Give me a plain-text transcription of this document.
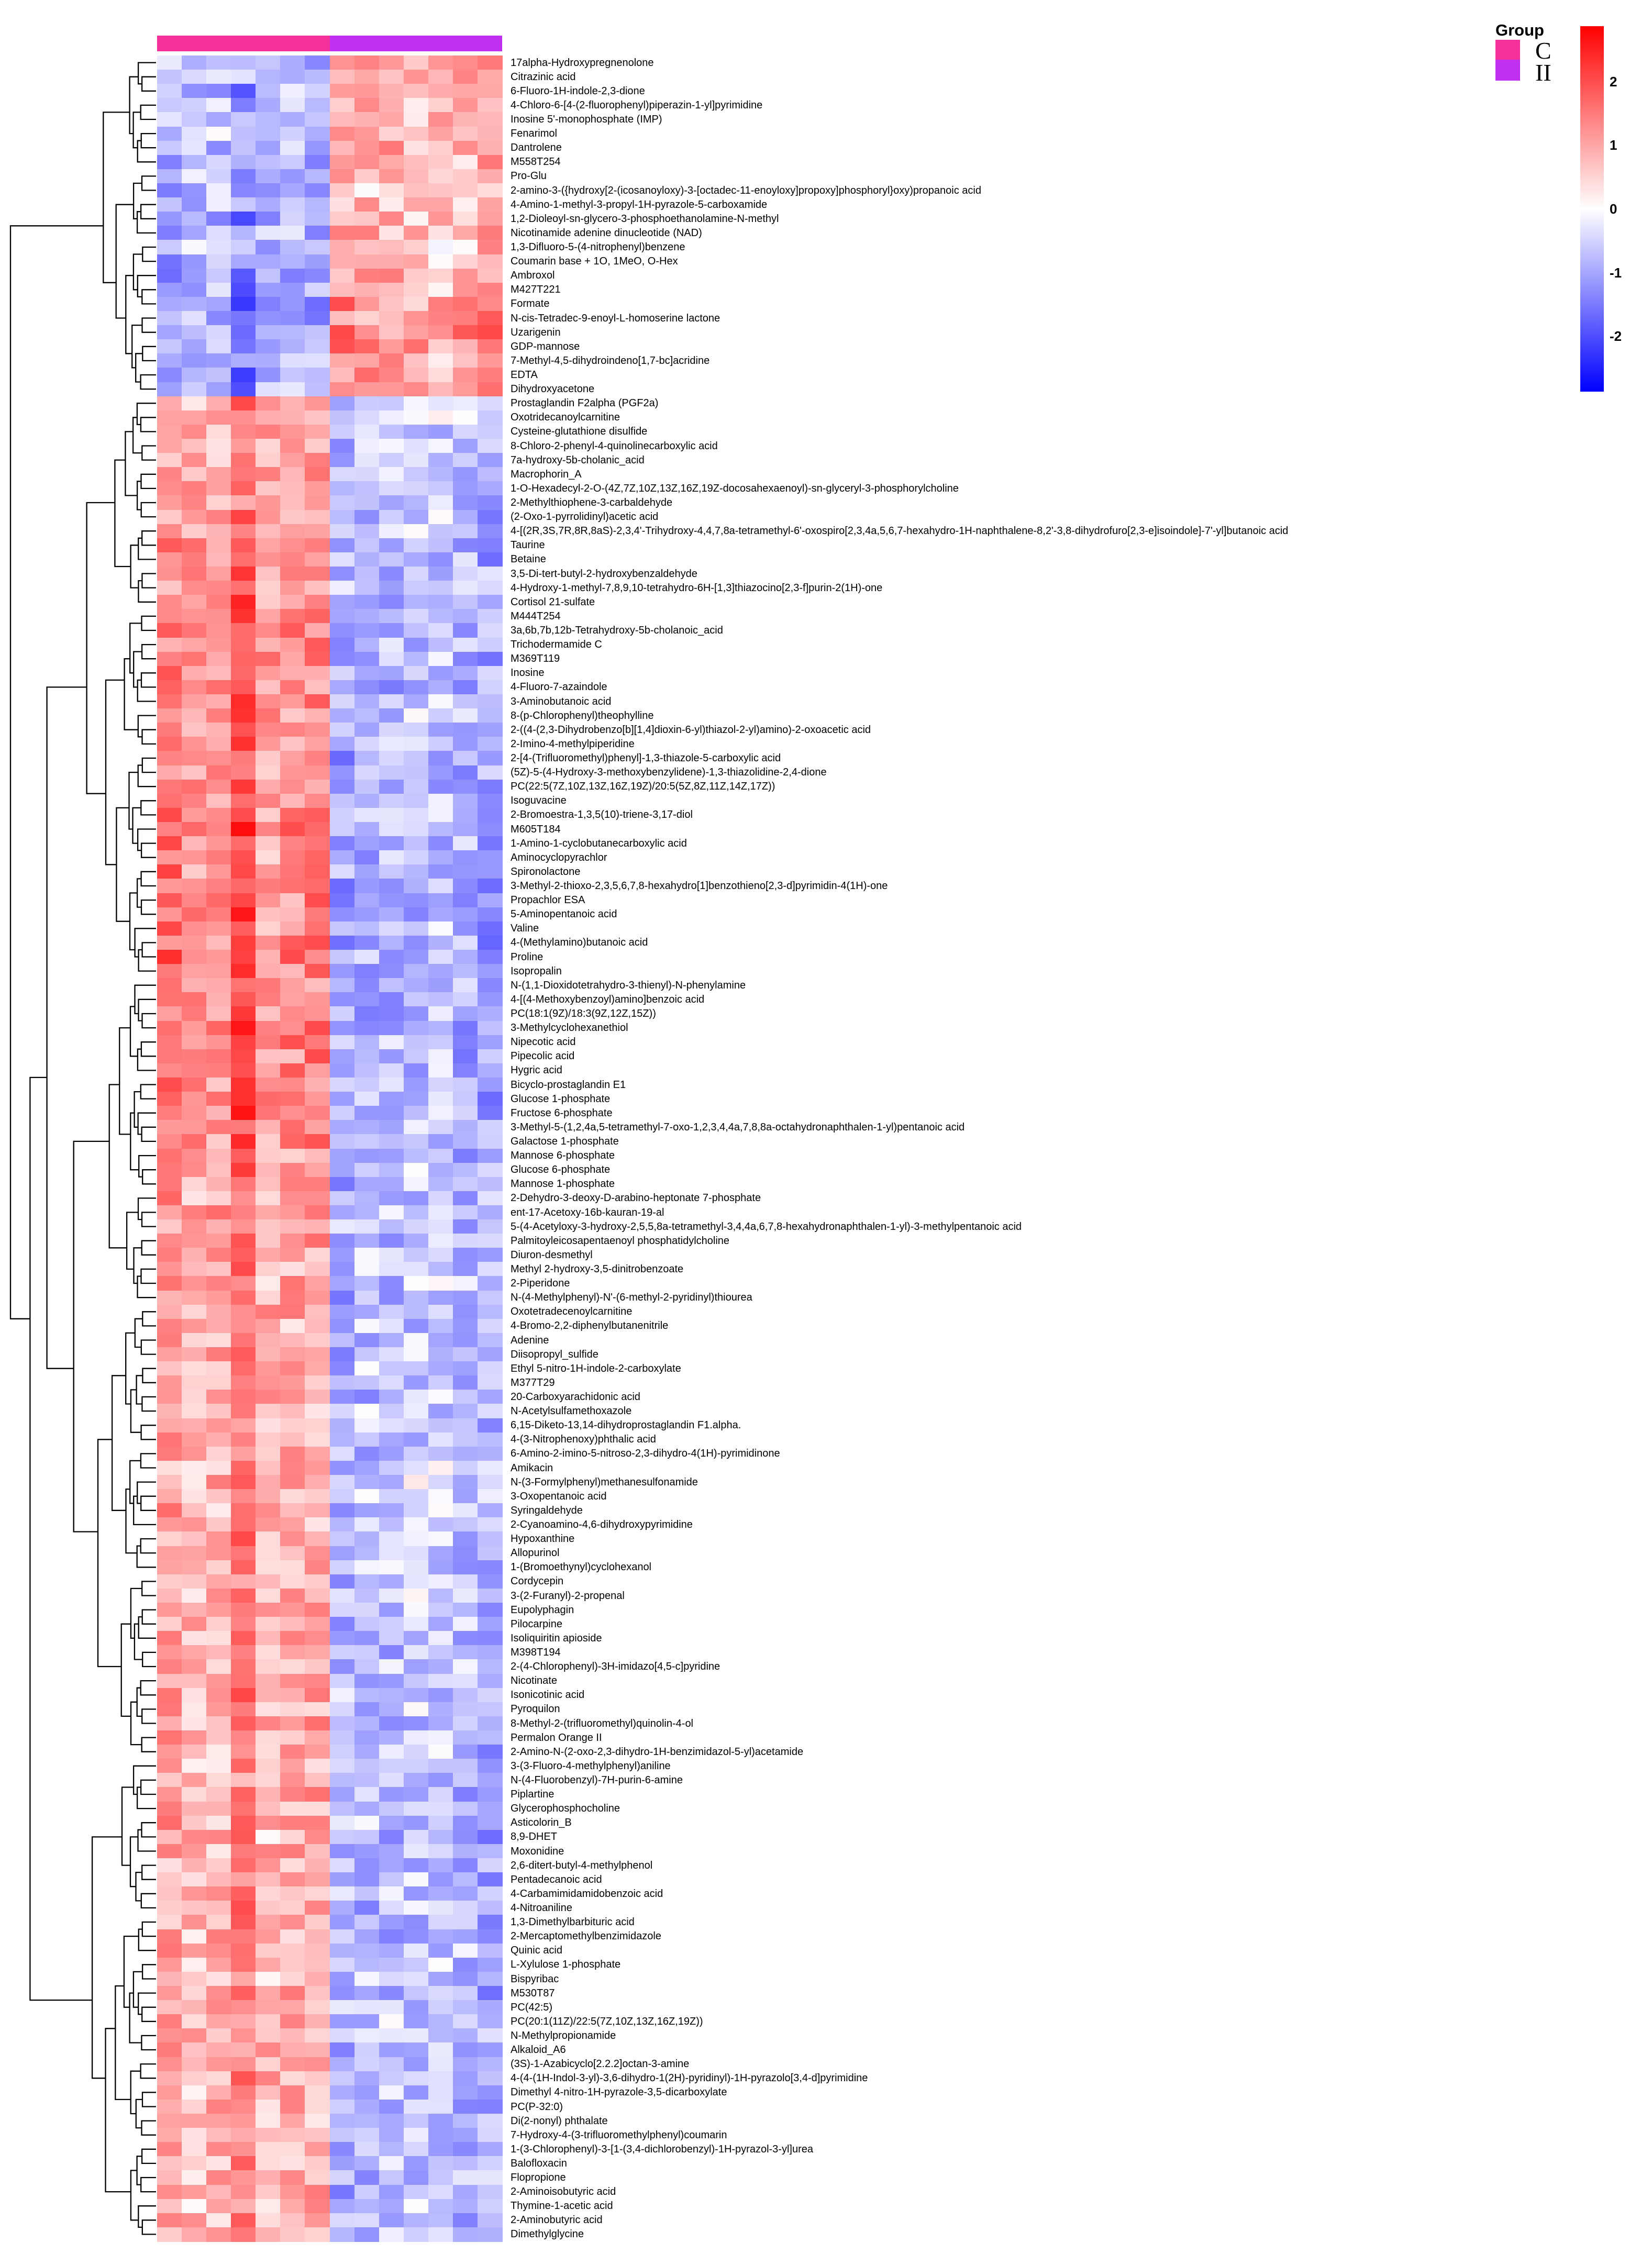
17alpha-Hydroxypregnenolone
Citrazinic acid
6-Fluoro-1H-indole-2,3-dione
4-Chloro-6-[4-(2-fluorophenyl)piperazin-1-yl]pyrimidine
Inosine 5'-monophosphate (IMP)
Fenarimol
Dantrolene
M558T254
Pro-Glu
2-amino-3-({hydroxy[2-(icosanoyloxy)-3-[octadec-11-enoyloxy]propoxy]phosphoryl}oxy)propanoic acid
4-Amino-1-methyl-3-propyl-1H-pyrazole-5-carboxamide
1,2-Dioleoyl-sn-glycero-3-phosphoethanolamine-N-methyl
Nicotinamide adenine dinucleotide (NAD)
1,3-Difluoro-5-(4-nitrophenyl)benzene
Coumarin base + 1O, 1MeO, O-Hex
Ambroxol
M427T221
Formate
N-cis-Tetradec-9-enoyl-L-homoserine lactone
Uzarigenin
GDP-mannose
7-Methyl-4,5-dihydroindeno[1,7-bc]acridine
EDTA
Dihydroxyacetone
Prostaglandin F2alpha (PGF2a)
Oxotridecanoylcarnitine
Cysteine-glutathione disulfide
8-Chloro-2-phenyl-4-quinolinecarboxylic acid
7a-hydroxy-5b-cholanic_acid
Macrophorin_A
1-O-Hexadecyl-2-O-(4Z,7Z,10Z,13Z,16Z,19Z-docosahexaenoyl)-sn-glyceryl-3-phosphorylcholine
2-Methylthiophene-3-carbaldehyde
(2-Oxo-1-pyrrolidinyl)acetic acid
4-[(2R,3S,7R,8R,8aS)-2,3,4'-Trihydroxy-4,4,7,8a-tetramethyl-6'-oxospiro[2,3,4a,5,6,7-hexahydro-1H-naphthalene-8,2'-3,8-dihydrofuro[2,3-e]isoindole]-7'-yl]butanoic acid
Taurine
Betaine
3,5-Di-tert-butyl-2-hydroxybenzaldehyde
4-Hydroxy-1-methyl-7,8,9,10-tetrahydro-6H-[1,3]thiazocino[2,3-f]purin-2(1H)-one
Cortisol 21-sulfate
M444T254
3a,6b,7b,12b-Tetrahydroxy-5b-cholanoic_acid
Trichodermamide C
M369T119
Inosine
4-Fluoro-7-azaindole
3-Aminobutanoic acid
8-(p-Chlorophenyl)theophylline
2-((4-(2,3-Dihydrobenzo[b][1,4]dioxin-6-yl)thiazol-2-yl)amino)-2-oxoacetic acid
2-Imino-4-methylpiperidine
2-[4-(Trifluoromethyl)phenyl]-1,3-thiazole-5-carboxylic acid
(5Z)-5-(4-Hydroxy-3-methoxybenzylidene)-1,3-thiazolidine-2,4-dione
PC(22:5(7Z,10Z,13Z,16Z,19Z)/20:5(5Z,8Z,11Z,14Z,17Z))
Isoguvacine
2-Bromoestra-1,3,5(10)-triene-3,17-diol
M605T184
1-Amino-1-cyclobutanecarboxylic acid
Aminocyclopyrachlor
Spironolactone
3-Methyl-2-thioxo-2,3,5,6,7,8-hexahydro[1]benzothieno[2,3-d]pyrimidin-4(1H)-one
Propachlor ESA
5-Aminopentanoic acid
Valine
4-(Methylamino)butanoic acid
Proline
Isopropalin
N-(1,1-Dioxidotetrahydro-3-thienyl)-N-phenylamine
4-[(4-Methoxybenzoyl)amino]benzoic acid
PC(18:1(9Z)/18:3(9Z,12Z,15Z))
3-Methylcyclohexanethiol
Nipecotic acid
Pipecolic acid
Hygric acid
Bicyclo-prostaglandin E1
Glucose 1-phosphate
Fructose 6-phosphate
3-Methyl-5-(1,2,4a,5-tetramethyl-7-oxo-1,2,3,4,4a,7,8,8a-octahydronaphthalen-1-yl)pentanoic acid
Galactose 1-phosphate
Mannose 6-phosphate
Glucose 6-phosphate
Mannose 1-phosphate
2-Dehydro-3-deoxy-D-arabino-heptonate 7-phosphate
ent-17-Acetoxy-16b-kauran-19-al
5-(4-Acetyloxy-3-hydroxy-2,5,5,8a-tetramethyl-3,4,4a,6,7,8-hexahydronaphthalen-1-yl)-3-methylpentanoic acid
Palmitoyleicosapentaenoyl phosphatidylcholine
Diuron-desmethyl
Methyl 2-hydroxy-3,5-dinitrobenzoate
2-Piperidone
N-(4-Methylphenyl)-N'-(6-methyl-2-pyridinyl)thiourea
Oxotetradecenoylcarnitine
4-Bromo-2,2-diphenylbutanenitrile
Adenine
Diisopropyl_sulfide
Ethyl 5-nitro-1H-indole-2-carboxylate
M377T29
20-Carboxyarachidonic acid
N-Acetylsulfamethoxazole
6,15-Diketo-13,14-dihydroprostaglandin F1.alpha.
4-(3-Nitrophenoxy)phthalic acid
6-Amino-2-imino-5-nitroso-2,3-dihydro-4(1H)-pyrimidinone
Amikacin
N-(3-Formylphenyl)methanesulfonamide
3-Oxopentanoic acid
Syringaldehyde
2-Cyanoamino-4,6-dihydroxypyrimidine
Hypoxanthine
Allopurinol
1-(Bromoethynyl)cyclohexanol
Cordycepin
3-(2-Furanyl)-2-propenal
Eupolyphagin
Pilocarpine
Isoliquiritin apioside
M398T194
2-(4-Chlorophenyl)-3H-imidazo[4,5-c]pyridine
Nicotinate
Isonicotinic acid
Pyroquilon
8-Methyl-2-(trifluoromethyl)quinolin-4-ol
Permalon Orange II
2-Amino-N-(2-oxo-2,3-dihydro-1H-benzimidazol-5-yl)acetamide
3-(3-Fluoro-4-methylphenyl)aniline
N-(4-Fluorobenzyl)-7H-purin-6-amine
Piplartine
Glycerophosphocholine
Asticolorin_B
8,9-DHET
Moxonidine
2,6-ditert-butyl-4-methylphenol
Pentadecanoic acid
4-Carbamimidamidobenzoic acid
4-Nitroaniline
1,3-Dimethylbarbituric acid
2-Mercaptomethylbenzimidazole
Quinic acid
L-Xylulose 1-phosphate
Bispyribac
M530T87
PC(42:5)
PC(20:1(11Z)/22:5(7Z,10Z,13Z,16Z,19Z))
N-Methylpropionamide
Alkaloid_A6
(3S)-1-Azabicyclo[2.2.2]octan-3-amine
4-(4-(1H-Indol-3-yl)-3,6-dihydro-1(2H)-pyridinyl)-1H-pyrazolo[3,4-d]pyrimidine
Dimethyl 4-nitro-1H-pyrazole-3,5-dicarboxylate
PC(P-32:0)
Di(2-nonyl) phthalate
7-Hydroxy-4-(3-trifluoromethylphenyl)coumarin
1-(3-Chlorophenyl)-3-[1-(3,4-dichlorobenzyl)-1H-pyrazol-3-yl]urea
Balofloxacin
Flopropione
2-Aminoisobutyric acid
Thymine-1-acetic acid
2-Aminobutyric acid
Dimethylglycine
Group
C
II	2
1
0
-1
-2
